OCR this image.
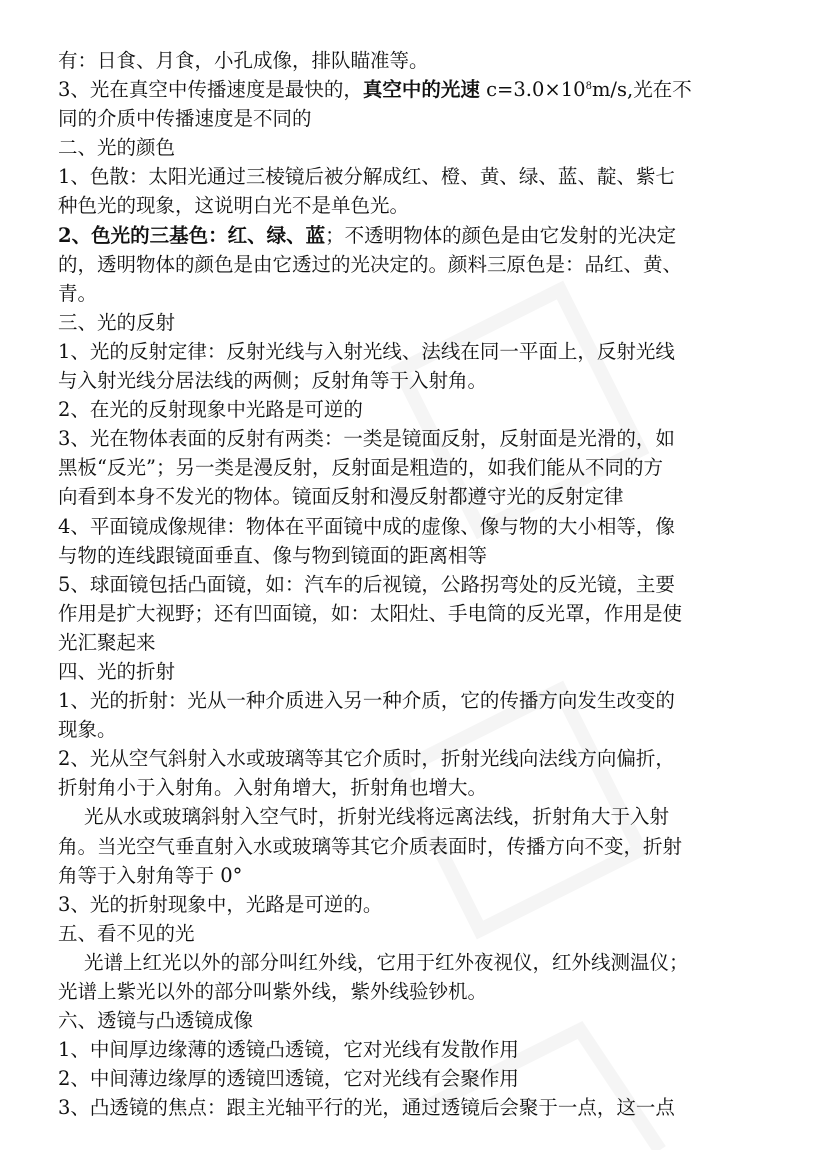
有：日食、月食，小孔成像，排队瞄准等。
3、光在真空中传播速度是最快的，真空中的光速 $c=3.0\times 10^8m/s$,光在不
同的介质中传播速度是不同的
二、光的颜色
1、色散：太阳光通过三棱镜后被分解成红、橙、黄、绿、蓝、靛、紫七
种色光的现象，这说明白光不是单色光。
2、色光的三基色：红、绿、蓝；不透明物体的颜色是由它发射的光决定
的，透明物体的颜色是由它透过的光决定的。颜料三原色是：品红、黄、
青。
三、光的反射
1、光的反射定律：反射光线与入射光线、法线在同一平面上，反射光线
与入射光线分居法线的两侧；反射角等于入射角。
2、在光的反射现象中光路是可逆的
3、光在物体表面的反射有两类：一类是镜面反射，反射面是光滑的，如
黑板“反光”；另一类是漫反射，反射面是粗造的，如我们能从不同的方
向看到本身不发光的物体。镜面反射和漫反射都遵守光的反射定律
4、平面镜成像规律：物体在平面镜中成的虚像、像与物的大小相等，像
与物的连线跟镜面垂直、像与物到镜面的距离相等
5、球面镜包括凸面镜，如：汽车的后视镜，公路拐弯处的反光镜，主要
作用是扩大视野；还有凹面镜，如：太阳灶、手电筒的反光罩，作用是使
光汇聚起来
四、光的折射
1、光的折射：光从一种介质进入另一种介质，它的传播方向发生改变的
现象。
2、光从空气斜射入水或玻璃等其它介质时，折射光线向法线方向偏折，
折射角小于入射角。入射角增大，折射角也增大。
光从水或玻璃斜射入空气时，折射光线将远离法线，折射角大于入射
角。当光空气垂直射入水或玻璃等其它介质表面时，传播方向不变，折射
角等于入射角等于 0°
3、光的折射现象中，光路是可逆的。
五、看不见的光
光谱上红光以外的部分叫红外线，它用于红外夜视仪，红外线测温仪；
光谱上紫光以外的部分叫紫外线，紫外线验钞机。
六、透镜与凸透镜成像
1、中间厚边缘薄的透镜凸透镜，它对光线有发散作用
2、中间薄边缘厚的透镜凹透镜，它对光线有会聚作用
3、凸透镜的焦点：跟主光轴平行的光，通过透镜后会聚于一点，这一点
